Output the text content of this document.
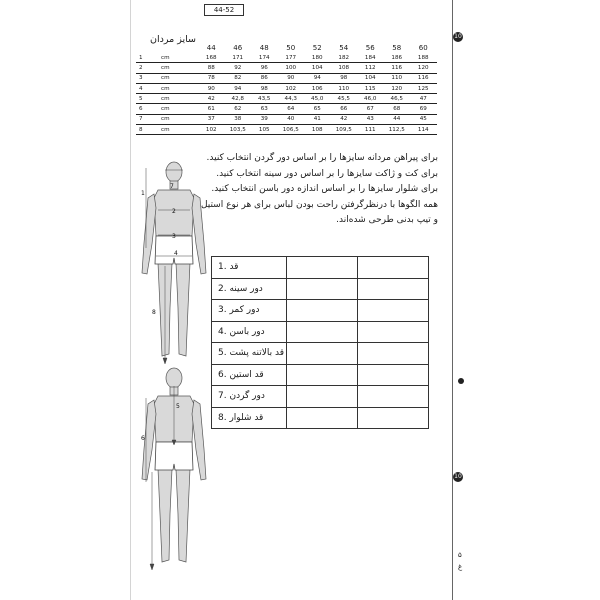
44-52
سایز مردان
		44	46	48	50	52	54	56	58	60
1	cm	168	171	174	177	180	182	184	186	188
2	cm	88	92	96	100	104	108	112	116	120
3	cm	78	82	86	90	94	98	104	110	116
4	cm	90	94	98	102	106	110	115	120	125
5	cm	42	42,8	43,5	44,3	45,0	45,5	46,0	46,5	47
6	cm	61	62	63	64	65	66	67	68	69
7	cm	37	38	39	40	41	42	43	44	45
8	cm	102	103,5	105	106,5	108	109,5	111	112,5	114
برای پیراهن مردانه سایزها را بر اساس دور گردن انتخاب کنید. برای کت و ژاکت سایزها را بر اساس دور سینه انتخاب کنید. برای شلوار سایزها را بر اساس اندازه دور باسن انتخاب کنید. همه الگوها با درنظرگرفتن راحت بودن لباس برای هر نوع استیل و تیپ بدنی طرحی شده‌اند.
1
7
2
3
4
8
5
6
قد .1		
دور سینه .2		
دور کمر .3		
دور باسن .4		
قد بالاتنه پشت .5		
قد استین .6		
دور گردن .7		
قد شلوار .8		
10
10
۵
غ
